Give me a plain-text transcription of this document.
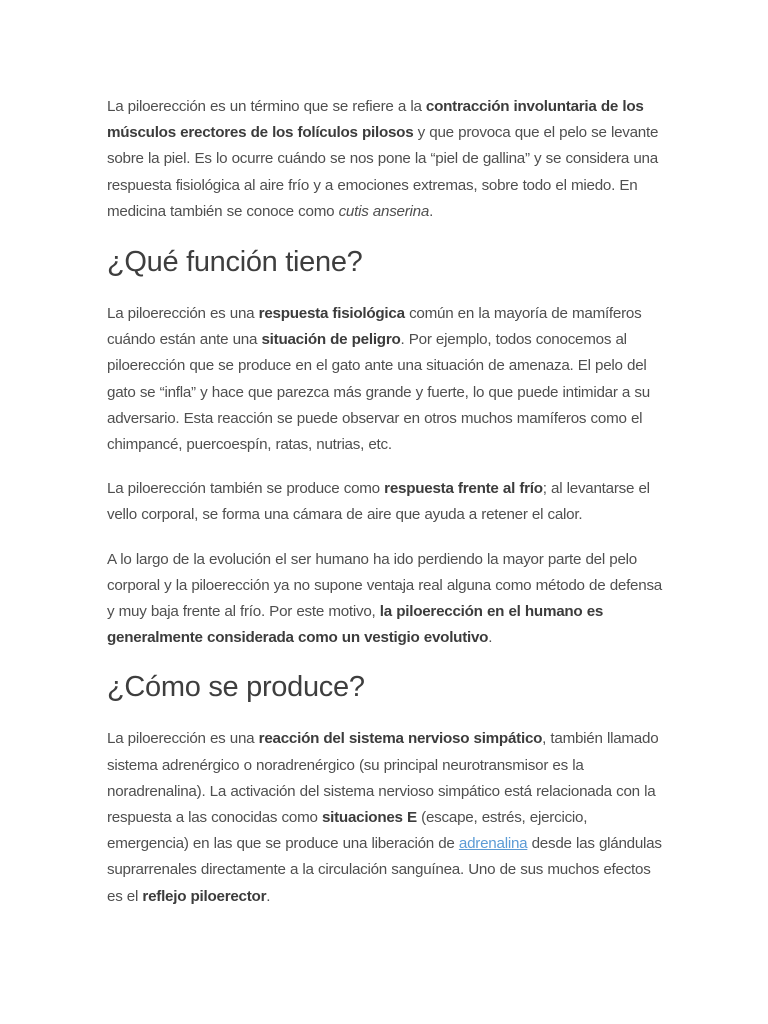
La piloerección es un término que se refiere a la contracción involuntaria de los músculos erectores de los folículos pilosos y que provoca que el pelo se levante sobre la piel. Es lo ocurre cuándo se nos pone la “piel de gallina” y se considera una respuesta fisiológica al aire frío y a emociones extremas, sobre todo el miedo. En medicina también se conoce como cutis anserina.

¿Qué función tiene?

La piloerección es una respuesta fisiológica común en la mayoría de mamíferos cuándo están ante una situación de peligro. Por ejemplo, todos conocemos al piloerección que se produce en el gato ante una situación de amenaza. El pelo del gato se “infla” y hace que parezca más grande y fuerte, lo que puede intimidar a su adversario. Esta reacción se puede observar en otros muchos mamíferos como el chimpancé, puercoespín, ratas, nutrias, etc.

La piloerección también se produce como respuesta frente al frío; al levantarse el vello corporal, se forma una cámara de aire que ayuda a retener el calor.

A lo largo de la evolución el ser humano ha ido perdiendo la mayor parte del pelo corporal y la piloerección ya no supone ventaja real alguna como método de defensa y muy baja frente al frío. Por este motivo, la piloerección en el humano es generalmente considerada como un vestigio evolutivo.

¿Cómo se produce?

La piloerección es una reacción del sistema nervioso simpático, también llamado sistema adrenérgico o noradrenérgico (su principal neurotransmisor es la noradrenalina). La activación del sistema nervioso simpático está relacionada con la respuesta a las conocidas como situaciones E (escape, estrés, ejercicio, emergencia) en las que se produce una liberación de adrenalina desde las glándulas suprarrenales directamente a la circulación sanguínea. Uno de sus muchos efectos es el reflejo piloerector.
